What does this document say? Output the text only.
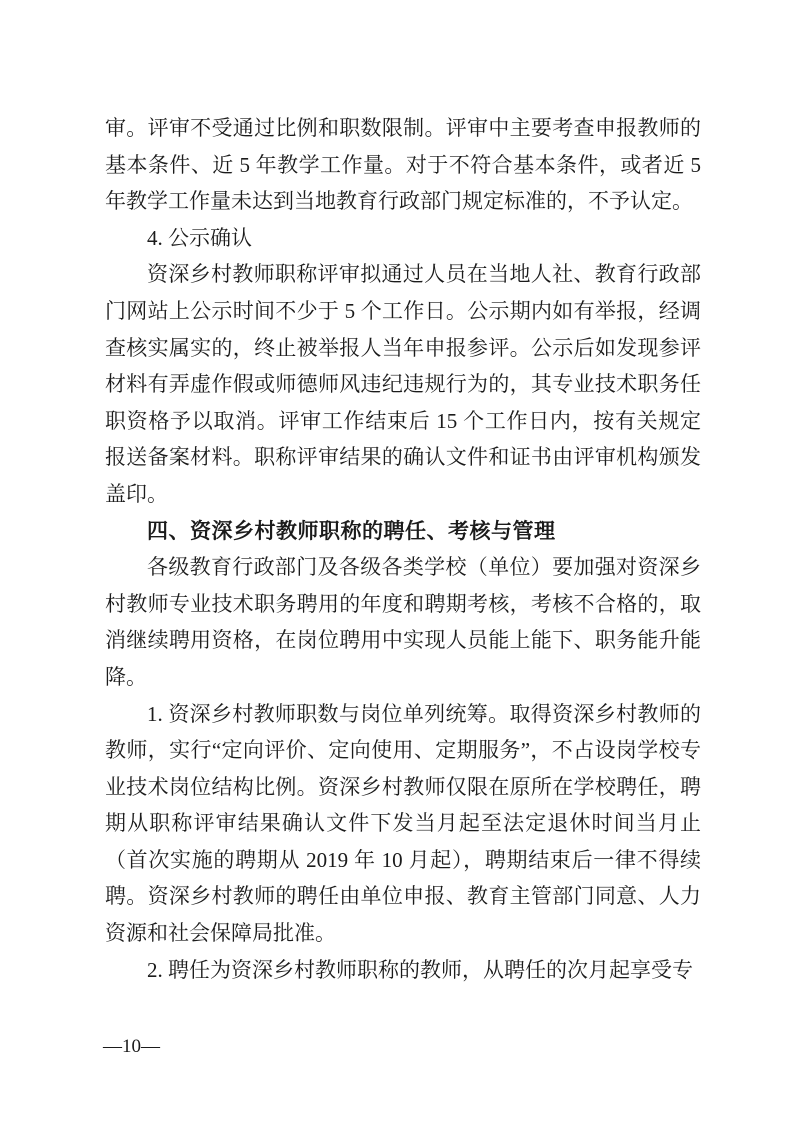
审。评审不受通过比例和职数限制。评审中主要考查申报教师的基本条件、近 5 年教学工作量。对于不符合基本条件，或者近 5 年教学工作量未达到当地教育行政部门规定标准的，不予认定。

4. 公示确认

资深乡村教师职称评审拟通过人员在当地人社、教育行政部门网站上公示时间不少于 5 个工作日。公示期内如有举报，经调查核实属实的，终止被举报人当年申报参评。公示后如发现参评材料有弄虚作假或师德师风违纪违规行为的，其专业技术职务任职资格予以取消。评审工作结束后 15 个工作日内，按有关规定报送备案材料。职称评审结果的确认文件和证书由评审机构颁发盖印。

四、资深乡村教师职称的聘任、考核与管理

各级教育行政部门及各级各类学校（单位）要加强对资深乡村教师专业技术职务聘用的年度和聘期考核，考核不合格的，取消继续聘用资格，在岗位聘用中实现人员能上能下、职务能升能降。

1. 资深乡村教师职数与岗位单列统筹。取得资深乡村教师的教师，实行“定向评价、定向使用、定期服务”，不占设岗学校专业技术岗位结构比例。资深乡村教师仅限在原所在学校聘任，聘期从职称评审结果确认文件下发当月起至法定退休时间当月止（首次实施的聘期从 2019 年 10 月起），聘期结束后一律不得续聘。资深乡村教师的聘任由单位申报、教育主管部门同意、人力资源和社会保障局批准。

2. 聘任为资深乡村教师职称的教师，从聘任的次月起享受专

—10—
